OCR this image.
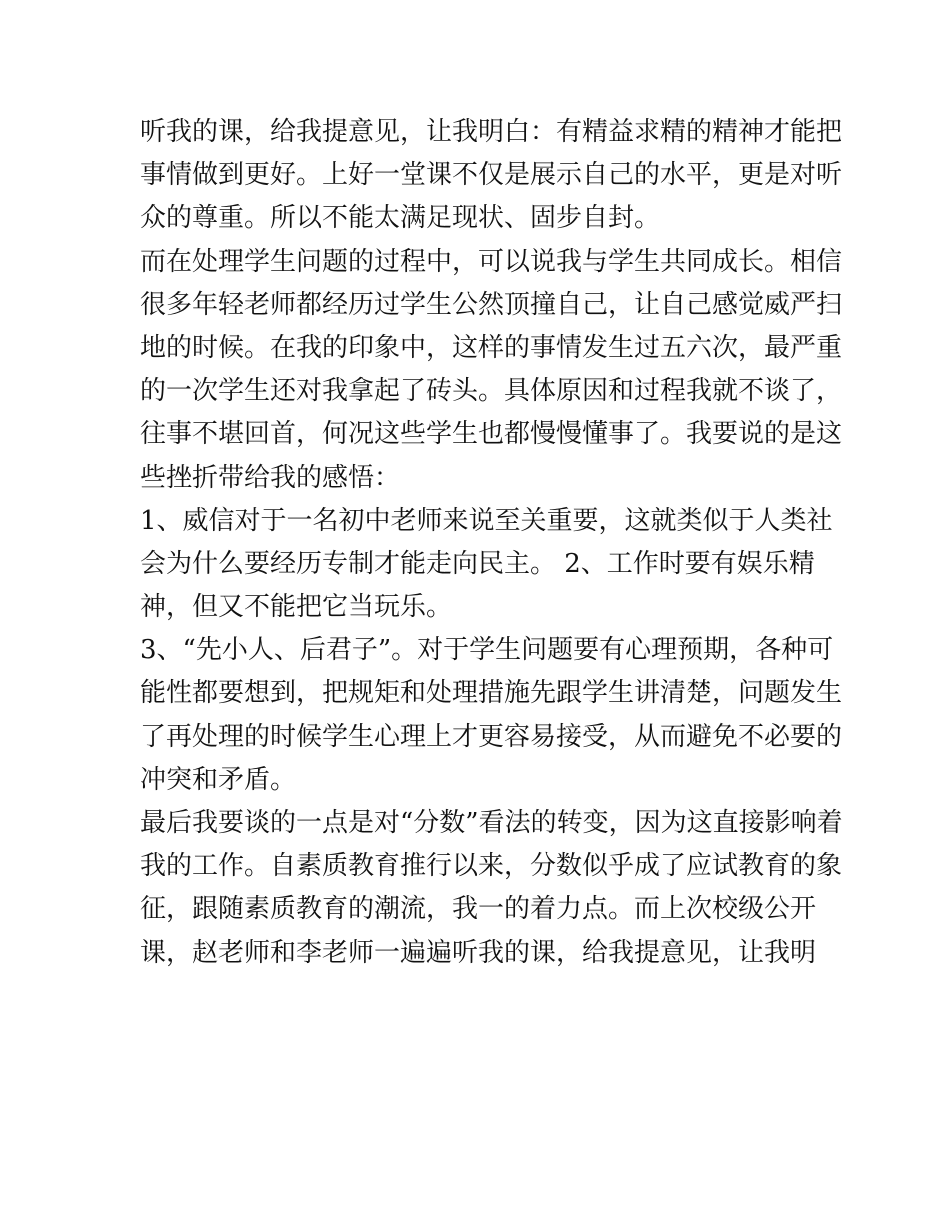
听我的课，给我提意见，让我明白：有精益求精的精神才能把
事情做到更好。上好一堂课不仅是展示自己的水平，更是对听
众的尊重。所以不能太满足现状、固步自封。
而在处理学生问题的过程中，可以说我与学生共同成长。相信
很多年轻老师都经历过学生公然顶撞自己，让自己感觉威严扫
地的时候。在我的印象中，这样的事情发生过五六次，最严重
的一次学生还对我拿起了砖头。具体原因和过程我就不谈了，
往事不堪回首，何况这些学生也都慢慢懂事了。我要说的是这
些挫折带给我的感悟：
1、威信对于一名初中老师来说至关重要，这就类似于人类社
会为什么要经历专制才能走向民主。 2、工作时要有娱乐精
神，但又不能把它当玩乐。
3、“先小人、后君子”。对于学生问题要有心理预期，各种可
能性都要想到，把规矩和处理措施先跟学生讲清楚，问题发生
了再处理的时候学生心理上才更容易接受，从而避免不必要的
冲突和矛盾。
最后我要谈的一点是对“分数”看法的转变，因为这直接影响着
我的工作。自素质教育推行以来，分数似乎成了应试教育的象
征，跟随素质教育的潮流，我一的着力点。而上次校级公开
课，赵老师和李老师一遍遍听我的课，给我提意见，让我明
